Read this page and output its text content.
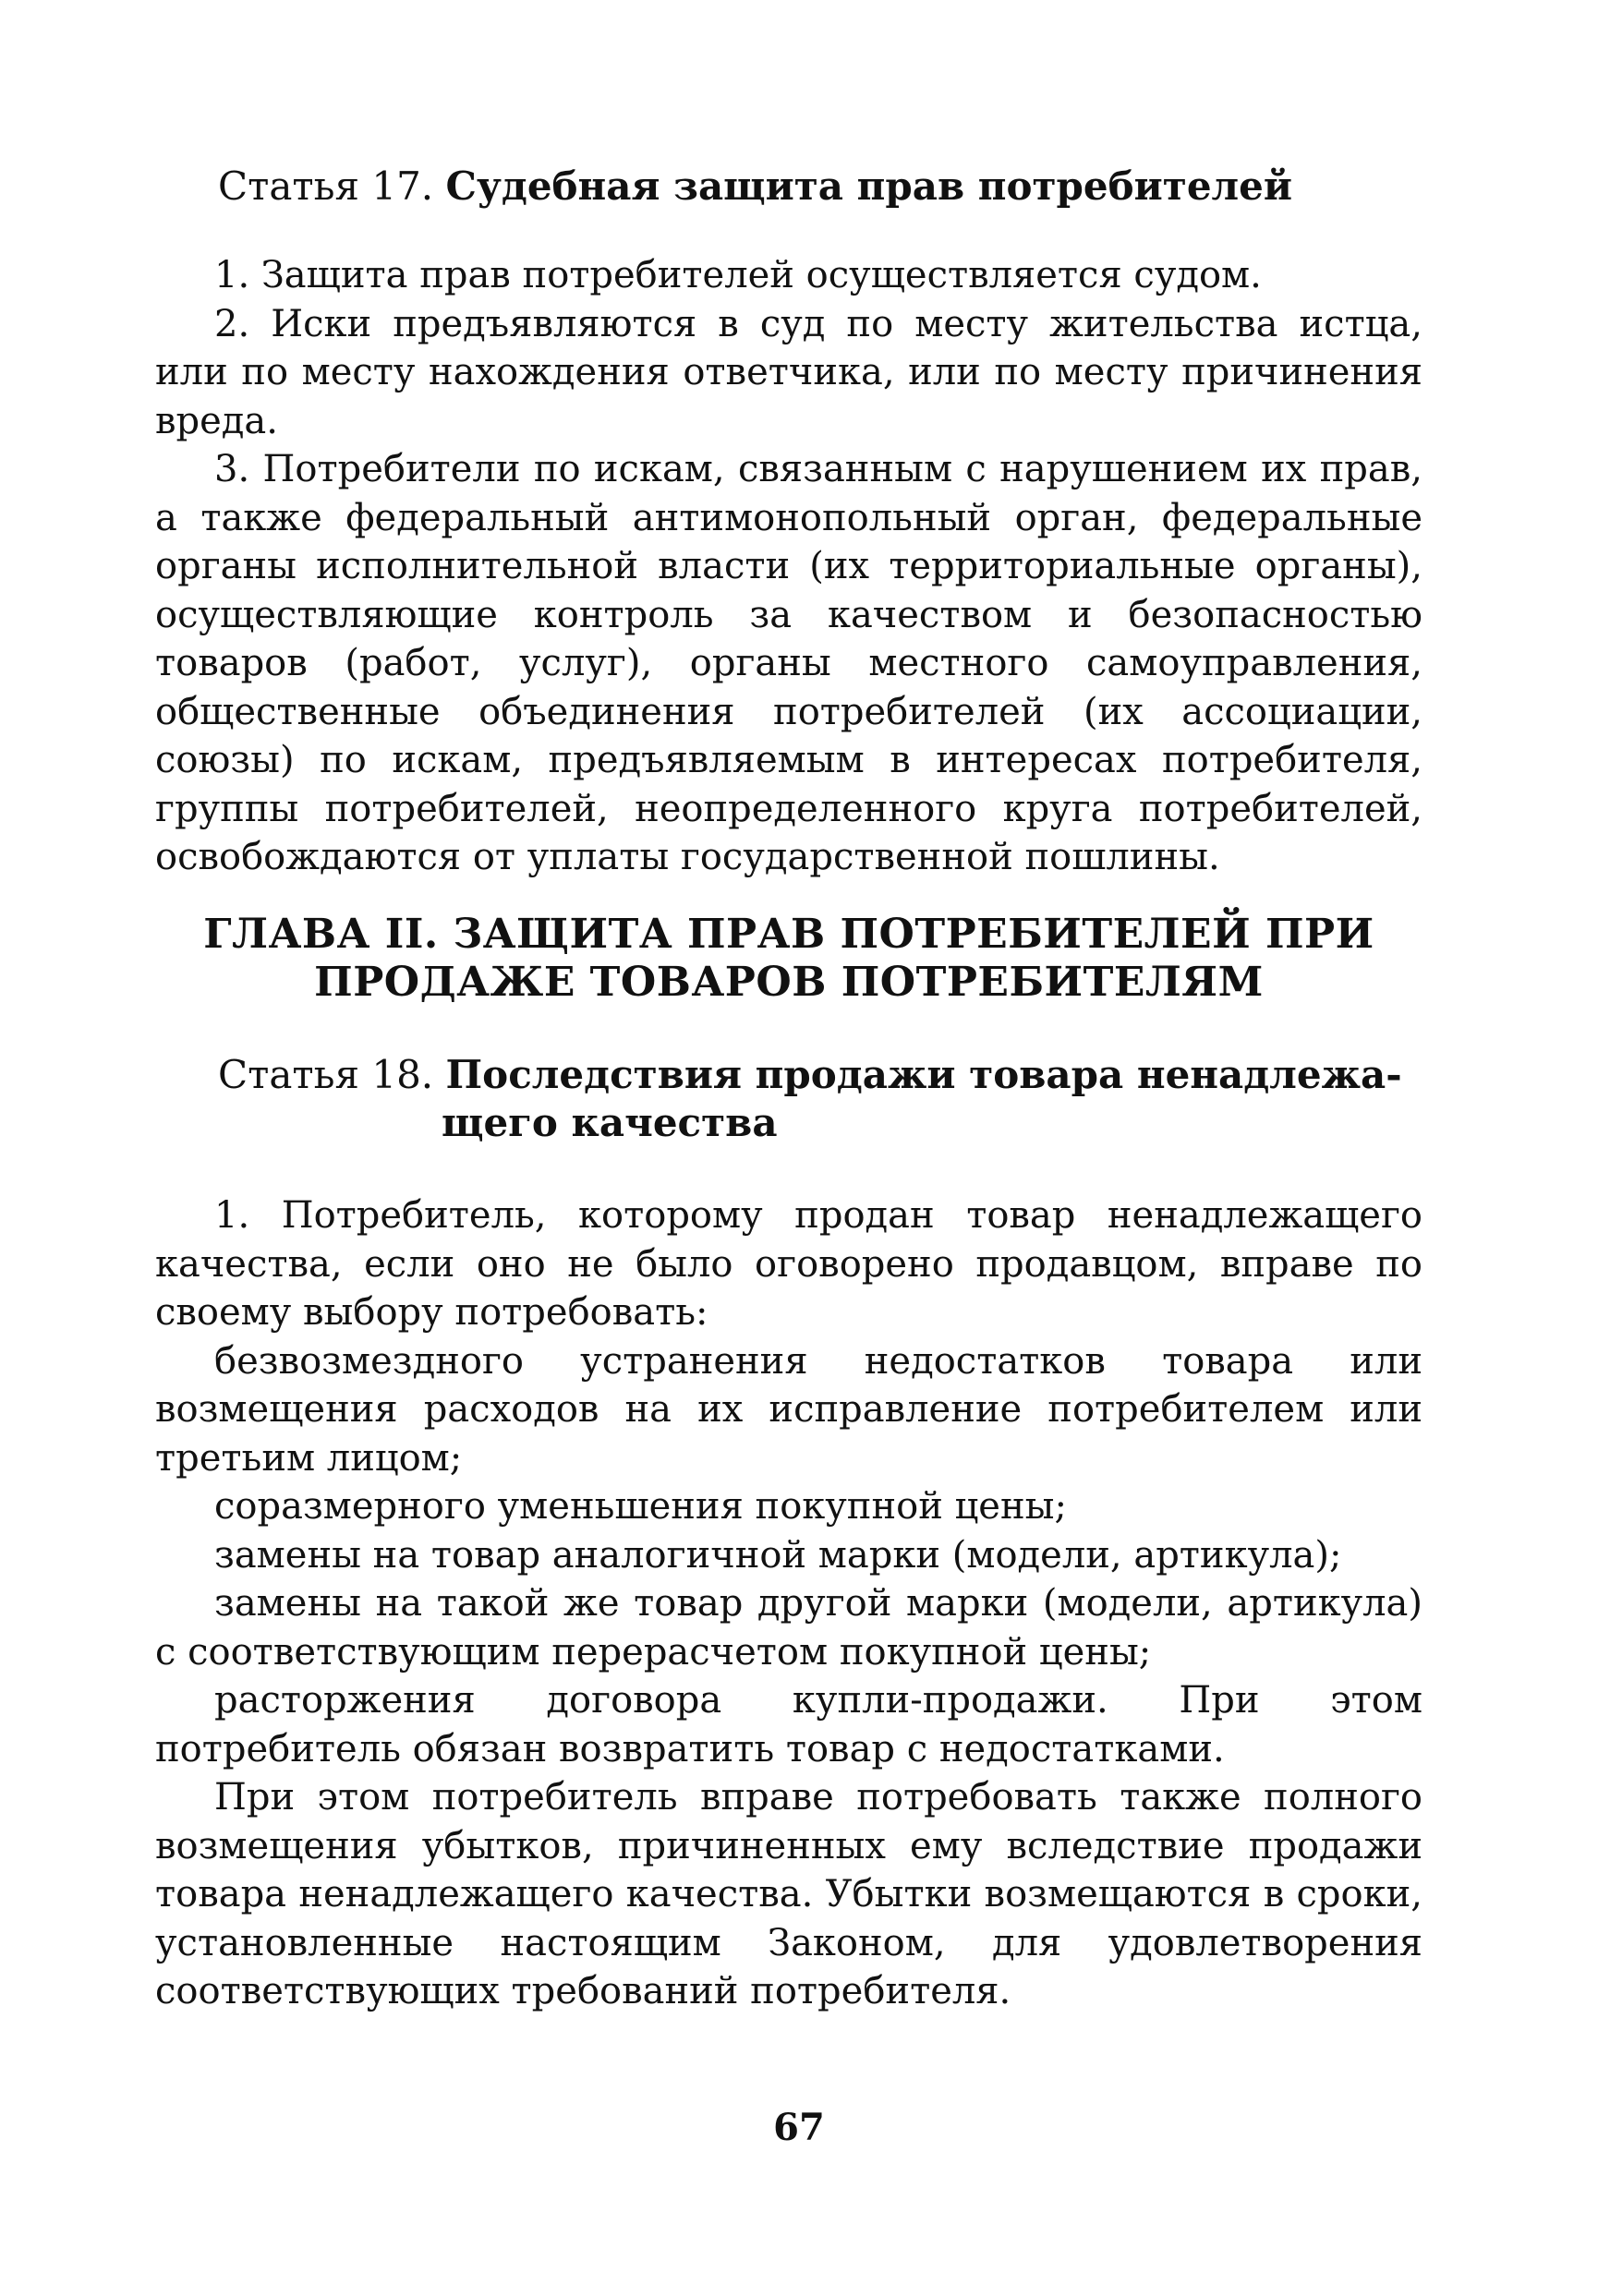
Статья 17. Судебная защита прав потребителей

1. Защита прав потребителей осуществляется судом.

2. Иски предъявляются в суд по месту жительства истца, или по месту нахождения ответчика, или по месту причинения вреда.

3. Потребители по искам, связанным с нарушением их прав, а также федеральный антимонопольный орган, федеральные органы исполнительной власти (их территориальные органы), осуществляющие контроль за качеством и безопасностью товаров (работ, услуг), органы местного самоуправления, общественные объединения потребителей (их ассоциации, союзы) по искам, предъявляемым в интересах потребителя, группы потребителей, неопределенного круга потребителей, освобождаются от уплаты государственной пошлины.

ГЛАВА II. ЗАЩИТА ПРАВ ПОТРЕБИТЕЛЕЙ ПРИ
ПРОДАЖЕ ТОВАРОВ ПОТРЕБИТЕЛЯМ
Статья 18. Последствия продажи товара ненадлежа-
щего качества

1. Потребитель, которому продан товар ненадлежащего качества, если оно не было оговорено продавцом, вправе по своему выбору потребовать:

безвозмездного устранения недостатков товара или возмещения расходов на их исправление потребителем или третьим лицом;

соразмерного уменьшения покупной цены;

замены на товар аналогичной марки (модели, артикула);

замены на такой же товар другой марки (модели, артикула) с соответствующим перерасчетом покупной цены;

расторжения договора купли-продажи. При этом потребитель обязан возвратить товар с недостатками.

При этом потребитель вправе потребовать также полного возмещения убытков, причиненных ему вследствие продажи товара ненадлежащего качества. Убытки возмещаются в сроки, установленные настоящим Законом, для удовлетворения соответствующих требований потребителя.

67
